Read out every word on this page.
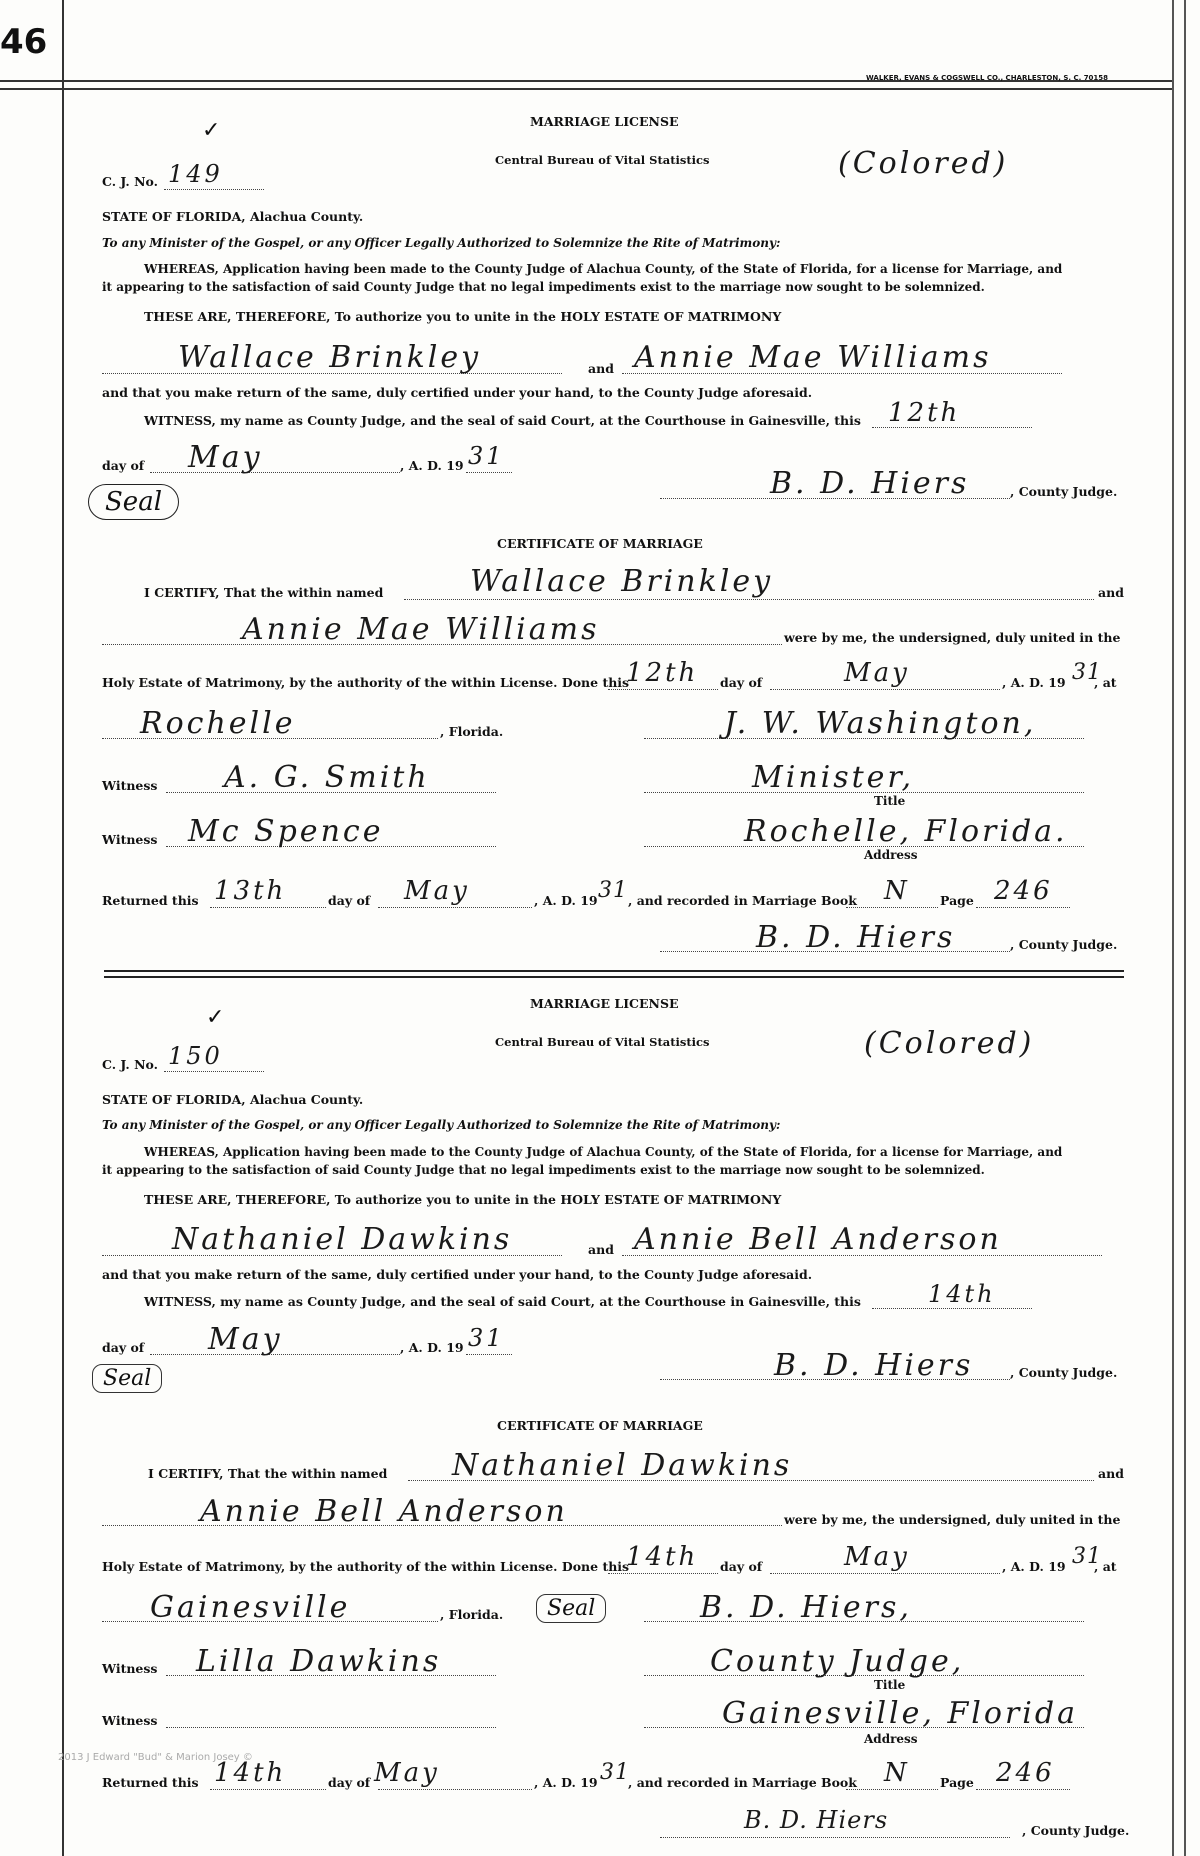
46
WALKER, EVANS & COGSWELL CO., CHARLESTON, S. C. 70158
✓	MARRIAGE LICENSE
Central Bureau of Vital Statistics	(Colored)
C. J. No. 149
STATE OF FLORIDA, Alachua County.
To any Minister of the Gospel, or any Officer Legally Authorized to Solemnize the Rite of Matrimony:
WHEREAS, Application having been made to the County Judge of Alachua County, of the State of Florida, for a license for Marriage, and
it appearing to the satisfaction of said County Judge that no legal impediments exist to the marriage now sought to be solemnized.
THESE ARE, THEREFORE, To authorize you to unite in the HOLY ESTATE OF MATRIMONY
Wallace Brinkley	and Annie Mae Williams
and that you make return of the same, duly certified under your hand, to the County Judge aforesaid.
WITNESS, my name as County Judge, and the seal of said Court, at the Courthouse in Gainesville, this 12th
day of May	, A. D. 19 31
Seal
B. D. Hiers	, County Judge.
CERTIFICATE OF MARRIAGE
I CERTIFY, That the within named	Wallace Brinkley	and
Annie Mae Williams	were by me, the undersigned, duly united in the
Holy Estate of Matrimony, by the authority of the within License. Done this
12th day of	May	, A. D. 19 31
, at
Rochelle	, Florida.	J. W. Washington,
Witness A. G. Smith	Minister,
Title
Witness Mc Spence	Rochelle, Florida.
Address
Returned this 13th	day of May	, A. D. 19 31 , and recorded in Marriage Book N Page 246
B. D. Hiers	, County Judge.
✓
MARRIAGE LICENSE
Central Bureau of Vital Statistics	(Colored)
C. J. No. 150
STATE OF FLORIDA, Alachua County.
To any Minister of the Gospel, or any Officer Legally Authorized to Solemnize the Rite of Matrimony:
WHEREAS, Application having been made to the County Judge of Alachua County, of the State of Florida, for a license for Marriage, and
it appearing to the satisfaction of said County Judge that no legal impediments exist to the marriage now sought to be solemnized.
THESE ARE, THEREFORE, To authorize you to unite in the HOLY ESTATE OF MATRIMONY
Nathaniel Dawkins	and Annie Bell Anderson
and that you make return of the same, duly certified under your hand, to the County Judge aforesaid.
WITNESS, my name as County Judge, and the seal of said Court, at the Courthouse in Gainesville, this	14th
day of May	, A. D. 19 31
Seal	B. D. Hiers	, County Judge.
CERTIFICATE OF MARRIAGE
I CERTIFY, That the within named Nathaniel Dawkins	and
Annie Bell Anderson	were by me, the undersigned, duly united in the
Holy Estate of Matrimony, by the authority of the within License. Done this
14th day of	May	, A. D. 19 31
, at
Gainesville	, Florida.	Seal	B. D. Hiers,
Witness Lilla Dawkins	County Judge,
Title
Witness	Gainesville, Florida
Address
Returned this 14th	day of May	, A. D. 19 31
, and recorded in Marriage Book N Page 246
B. D. Hiers	, County Judge.
2013 J Edward "Bud" & Marion Josey ©
